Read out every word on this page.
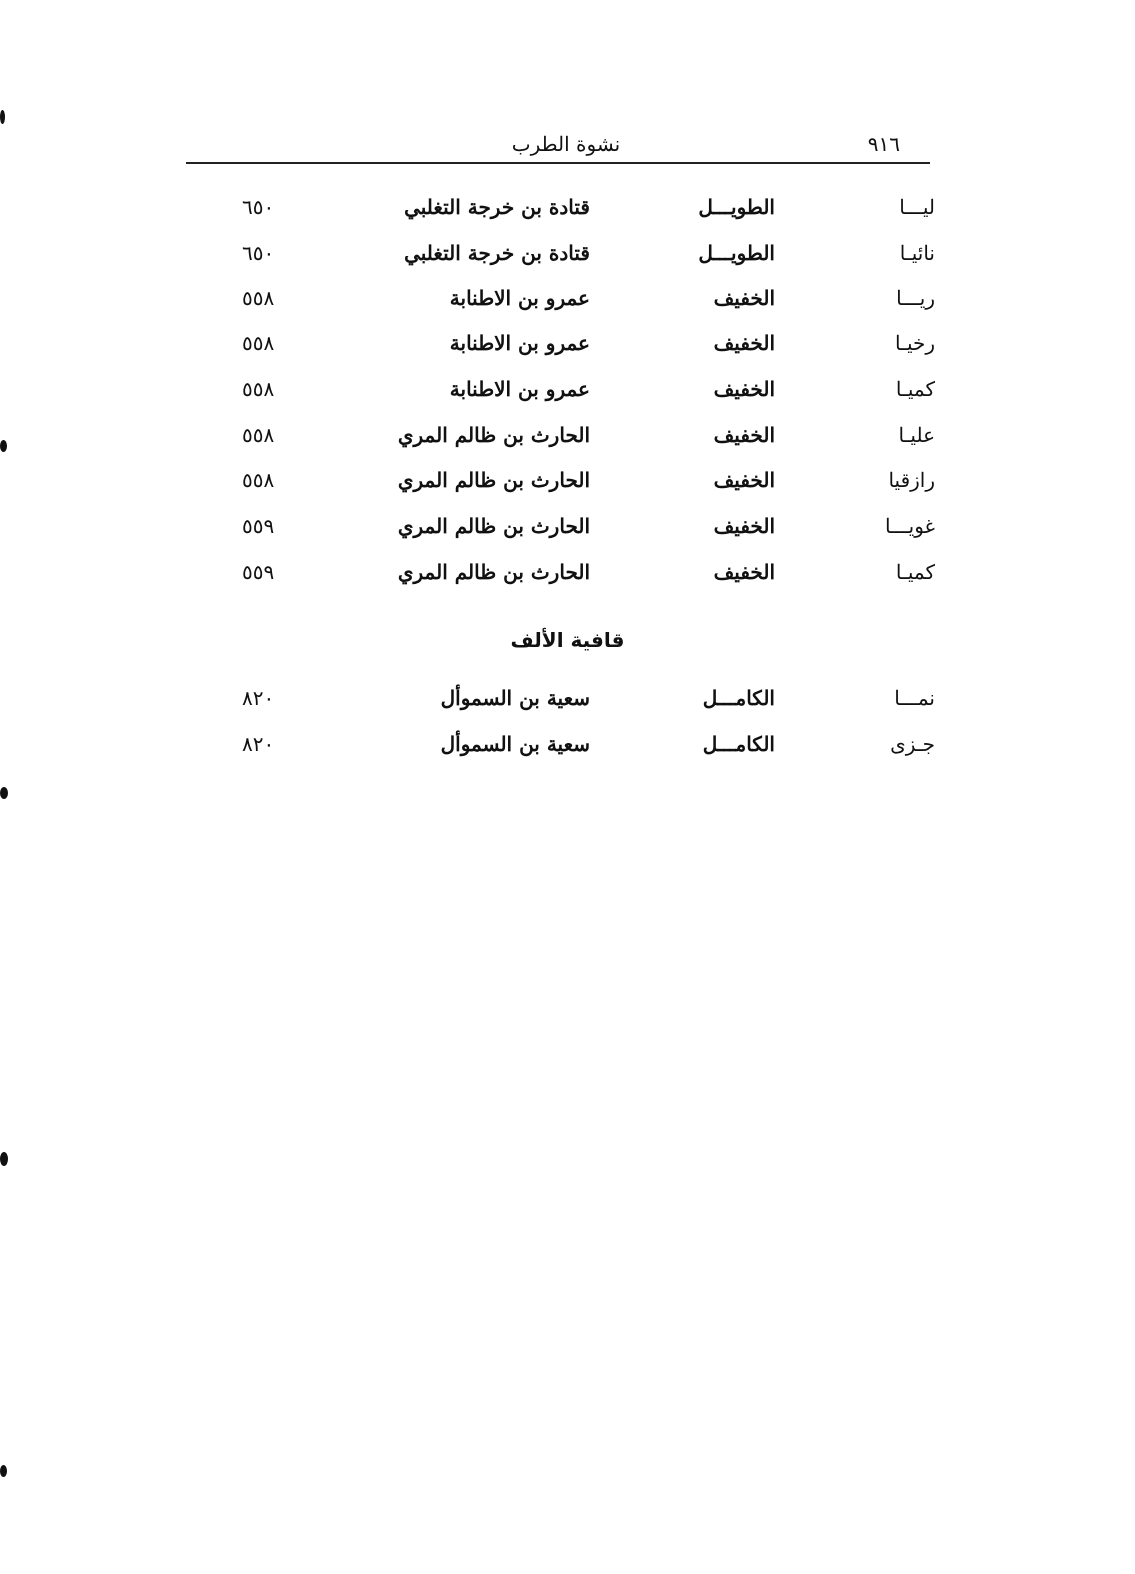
٩١٦
نشوة الطرب
ليـــا
الطويـــل
قتادة بن خرجة التغلبي
٦٥٠
نائيـا
الطويـــل
قتادة بن خرجة التغلبي
٦٥٠
ريـــا
الخفيف
عمرو بن الاطنابة
٥٥٨
رخيـا
الخفيف
عمرو بن الاطنابة
٥٥٨
كميـا
الخفيف
عمرو بن الاطنابة
٥٥٨
عليـا
الخفيف
الحارث بن ظالم المري
٥٥٨
رازقيا
الخفيف
الحارث بن ظالم المري
٥٥٨
غويـــا
الخفيف
الحارث بن ظالم المري
٥٥٩
كميـا
الخفيف
الحارث بن ظالم المري
٥٥٩
قافية الألف
نمـــا
الكامـــل
سعية بن السموأل
٨٢٠
جـزى
الكامـــل
سعية بن السموأل
٨٢٠
